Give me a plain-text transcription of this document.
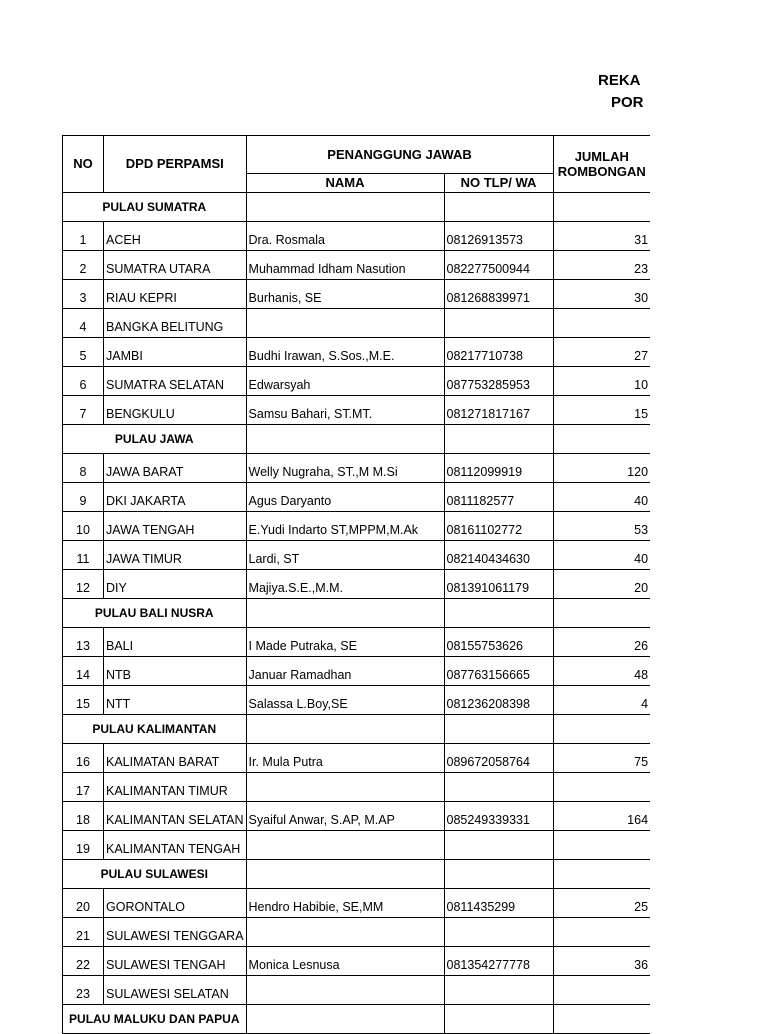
REKA
POR
NO	DPD PERPAMSI	PENANGGUNG JAWAB		JUMLAH
ROMBONGAN

		NAMA	NO TLP/ WA	
PULAU SUMATRA				
1	ACEH	Dra. Rosmala	08126913573	31
2	SUMATRA UTARA	Muhammad Idham Nasution	082277500944	23
3	RIAU KEPRI	Burhanis, SE	081268839971	30
4	BANGKA BELITUNG			
5	JAMBI	Budhi Irawan, S.Sos.,M.E.	08217710738	27
6	SUMATRA SELATAN	Edwarsyah	087753285953	10
7	BENGKULU	Samsu Bahari, ST.MT.	081271817167	15
PULAU JAWA				
8	JAWA BARAT	Welly Nugraha, ST.,M M.Si	08112099919	120
9	DKI JAKARTA	Agus Daryanto	0811182577	40
10	JAWA TENGAH	E.Yudi Indarto ST,MPPM,M.Ak	08161102772	53
11	JAWA TIMUR	Lardi, ST	082140434630	40
12	DIY	Majiya.S.E.,M.M.	081391061179	20
PULAU BALI NUSRA				
13	BALI	I Made Putraka, SE	08155753626	26
14	NTB	Januar Ramadhan	087763156665	48
15	NTT	Salassa L.Boy,SE	081236208398	4
PULAU KALIMANTAN				
16	KALIMATAN BARAT	Ir. Mula Putra	089672058764	75
17	KALIMANTAN TIMUR			
18	KALIMANTAN SELATAN	Syaiful Anwar, S.AP, M.AP	085249339331	164
19	KALIMANTAN TENGAH			
PULAU SULAWESI				
20	GORONTALO	Hendro Habibie, SE,MM	0811435299	25
21	SULAWESI TENGGARA			
22	SULAWESI TENGAH	Monica Lesnusa	081354277778	36
23	SULAWESI SELATAN			
PULAU MALUKU DAN PAPUA				
